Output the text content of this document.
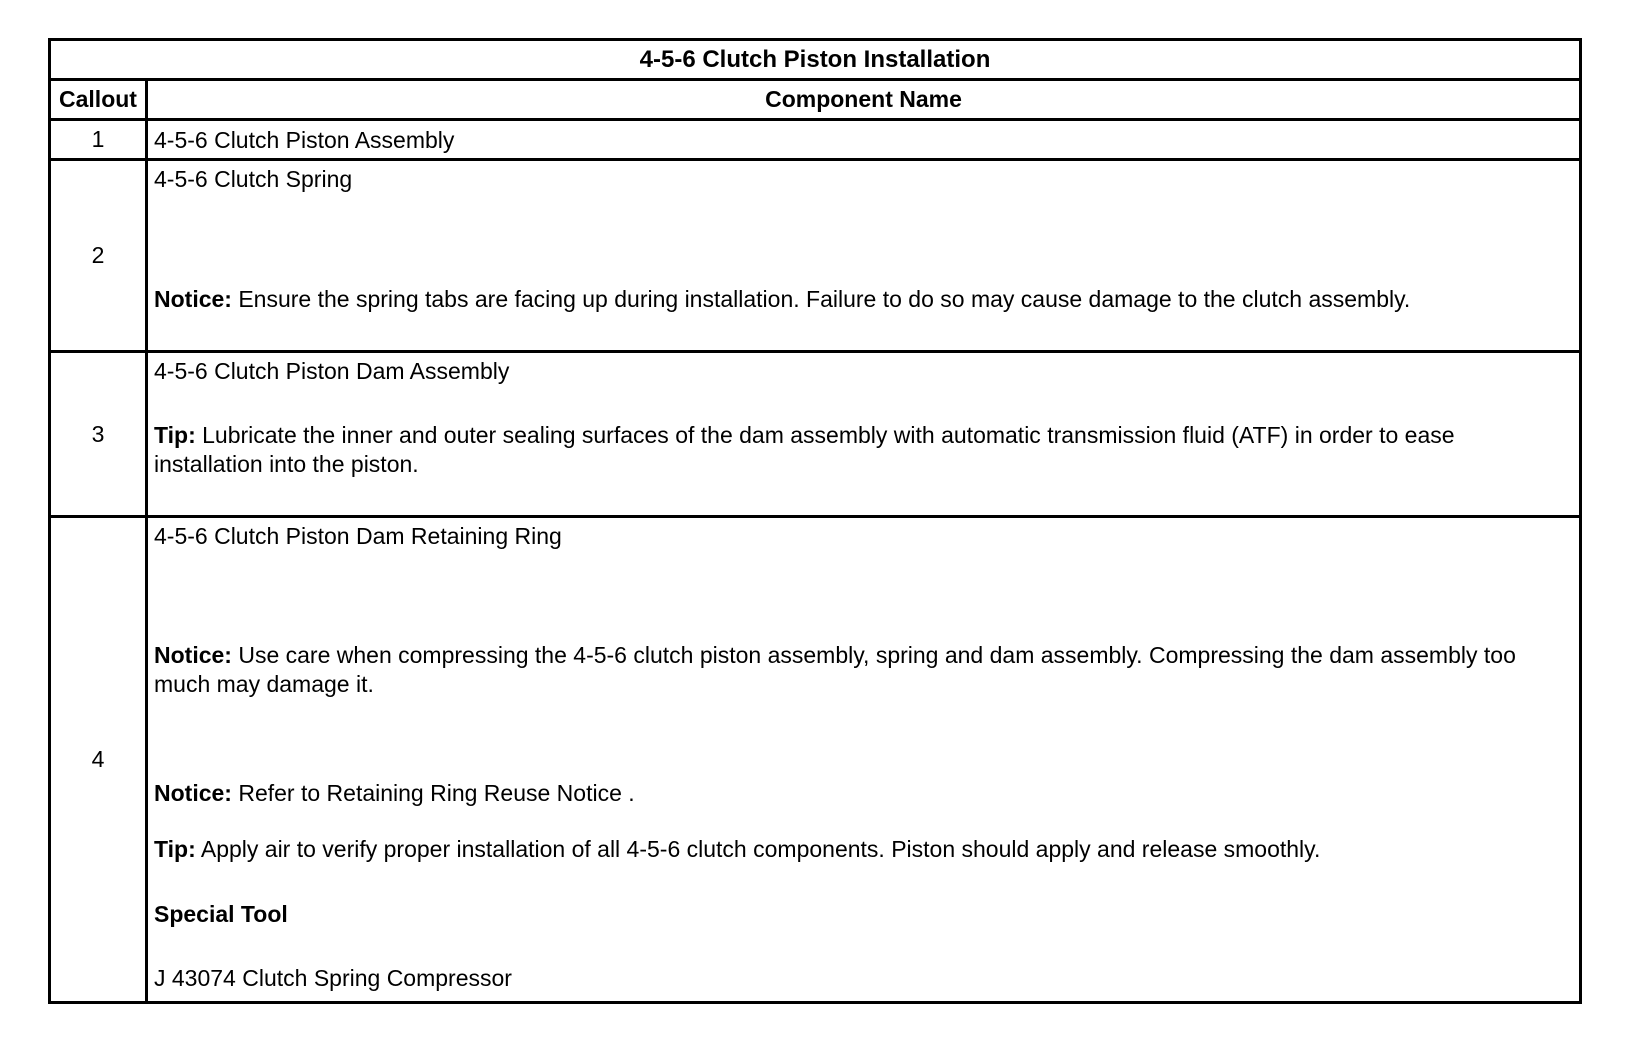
4-5-6 Clutch Piston Installation
Callout	Component Name
1	4-5-6 Clutch Piston Assembly
2
4-5-6 Clutch Spring
Notice: Ensure the spring tabs are facing up during installation. Failure to do so may cause damage to the clutch assembly.
3
4-5-6 Clutch Piston Dam Assembly
Tip: Lubricate the inner and outer sealing surfaces of the dam assembly with automatic transmission fluid (ATF) in order to ease installation into the piston.
4
4-5-6 Clutch Piston Dam Retaining Ring
Notice: Use care when compressing the 4-5-6 clutch piston assembly, spring and dam assembly. Compressing the dam assembly too much may damage it.
Notice: Refer to Retaining Ring Reuse Notice .
Tip: Apply air to verify proper installation of all 4-5-6 clutch components. Piston should apply and release smoothly.
Special Tool
J 43074 Clutch Spring Compressor
